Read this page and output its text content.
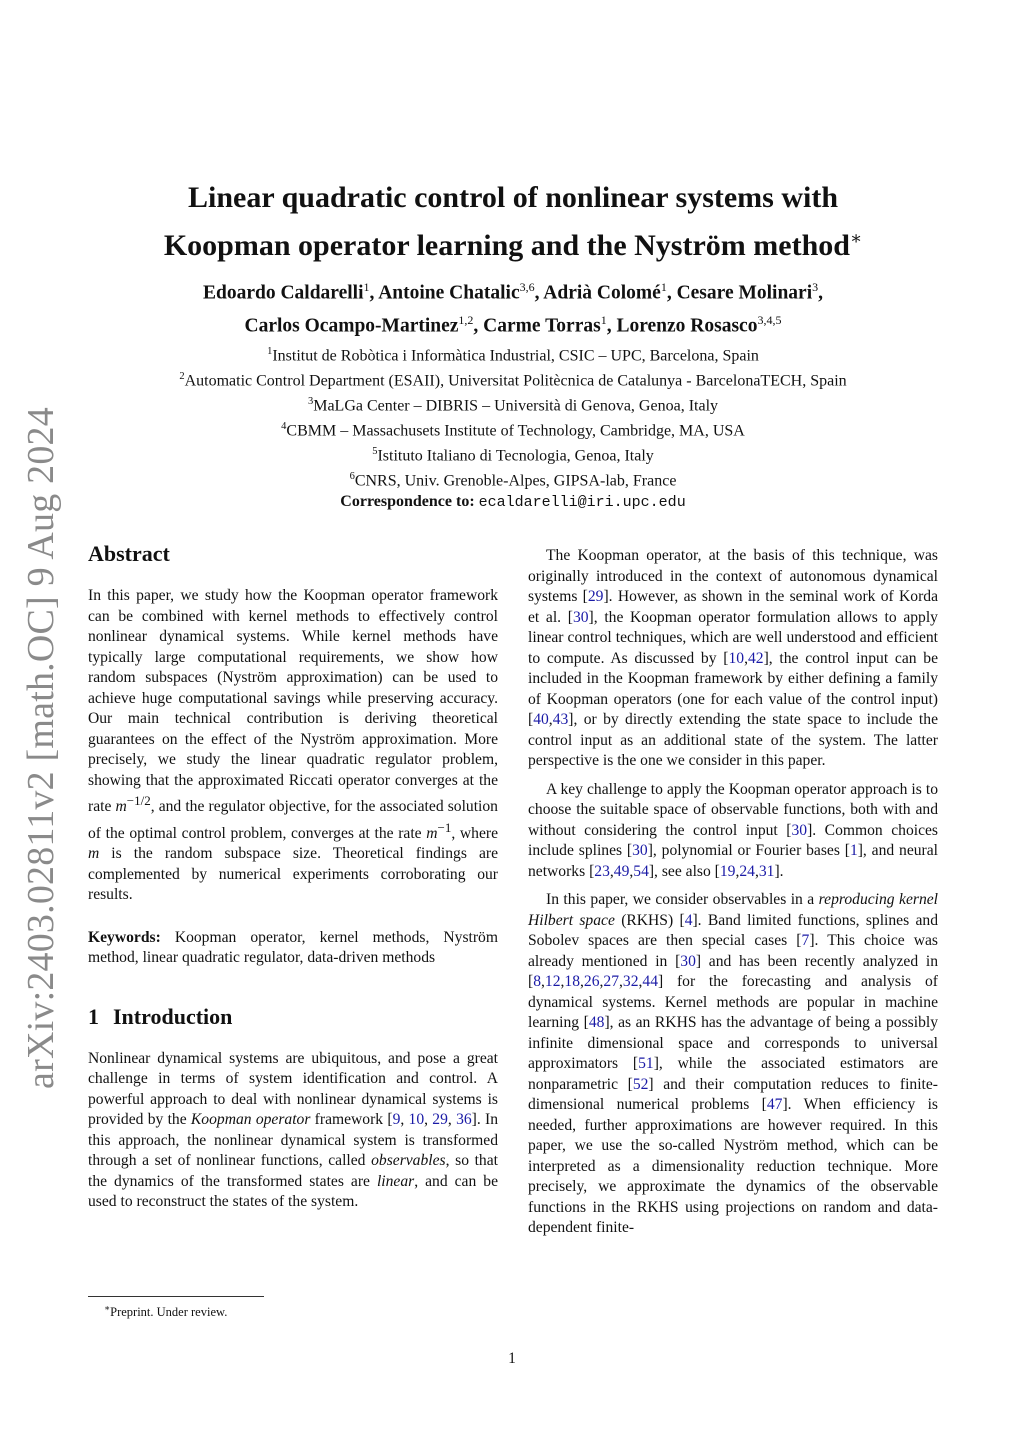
arXiv:2403.02811v2 [math.OC] 9 Aug 2024
Linear quadratic control of nonlinear systems with
Koopman operator learning and the Nyström method∗
Edoardo Caldarelli$^1$, Antoine Chatalic$^{3,6}$, Adrià Colomé$^1$, Cesare Molinari$^3$,
Carlos Ocampo-Martinez$^{1,2}$, Carme Torras$^1$, Lorenzo Rosasco$^{3,4,5}$
$^1$Institut de Robòtica i Informàtica Industrial, CSIC – UPC, Barcelona, Spain
$^2$Automatic Control Department (ESAII), Universitat Politècnica de Catalunya - BarcelonaTECH, Spain
$^3$MaLGa Center – DIBRIS – Università di Genova, Genoa, Italy
$^4$CBMM – Massachusets Institute of Technology, Cambridge, MA, USA
$^5$Istituto Italiano di Tecnologia, Genoa, Italy
$^6$CNRS, Univ. Grenoble-Alpes, GIPSA-lab, France
Correspondence to: ecaldarelli@iri.upc.edu
Abstract

In this paper, we study how the Koopman operator framework can be combined with kernel methods to effectively control nonlinear dynamical systems. While kernel methods have typically large computational requirements, we show how random subspaces (Nyström approximation) can be used to achieve huge computational savings while preserving accuracy. Our main technical contribution is deriving theoretical guarantees on the effect of the Nyström approximation. More precisely, we study the linear quadratic regulator problem, showing that the approximated Riccati operator converges at the rate $m^{-1/2}$, and the regulator objective, for the associated solution of the optimal control problem, converges at the rate $m^{-1}$, where m is the random subspace size. Theoretical findings are complemented by numerical experiments corroborating our results.

Keywords: Koopman operator, kernel methods, Nyström method, linear quadratic regulator, data-driven methods

1 Introduction

Nonlinear dynamical systems are ubiquitous, and pose a great challenge in terms of system identification and control. A powerful approach to deal with nonlinear dynamical systems is provided by the Koopman operator framework [9, 10, 29, 36]. In this approach, the nonlinear dynamical system is transformed through a set of nonlinear functions, called observables, so that the dynamics of the transformed states are linear, and can be used to reconstruct the states of the system.

The Koopman operator, at the basis of this technique, was originally introduced in the context of autonomous dynamical systems [29]. However, as shown in the seminal work of Korda et al. [30], the Koopman operator formulation allows to apply linear control techniques, which are well understood and efficient to compute. As discussed by [10,42], the control input can be included in the Koopman framework by either defining a family of Koopman operators (one for each value of the control input) [40,43], or by directly extending the state space to include the control input as an additional state of the system. The latter perspective is the one we consider in this paper.

A key challenge to apply the Koopman operator approach is to choose the suitable space of observable functions, both with and without considering the control input [30]. Common choices include splines [30], polynomial or Fourier bases [1], and neural networks [23,49,54], see also [19,24,31].

In this paper, we consider observables in a reproducing kernel Hilbert space (RKHS) [4]. Band limited functions, splines and Sobolev spaces are then special cases [7]. This choice was already mentioned in [30] and has been recently analyzed in [8,12,18,26,27,32,44] for the forecasting and analysis of dynamical systems. Kernel methods are popular in machine learning [48], as an RKHS has the advantage of being a possibly infinite dimensional space and corresponds to universal approximators [51], while the associated estimators are nonparametric [52] and their computation reduces to finite-dimensional numerical problems [47]. When efficiency is needed, further approximations are however required. In this paper, we use the so-called Nyström method, which can be interpreted as a dimensionality reduction technique. More precisely, we approximate the dynamics of the observable functions in the RKHS using projections on random and data-dependent finite-

∗Preprint. Under review.
1
